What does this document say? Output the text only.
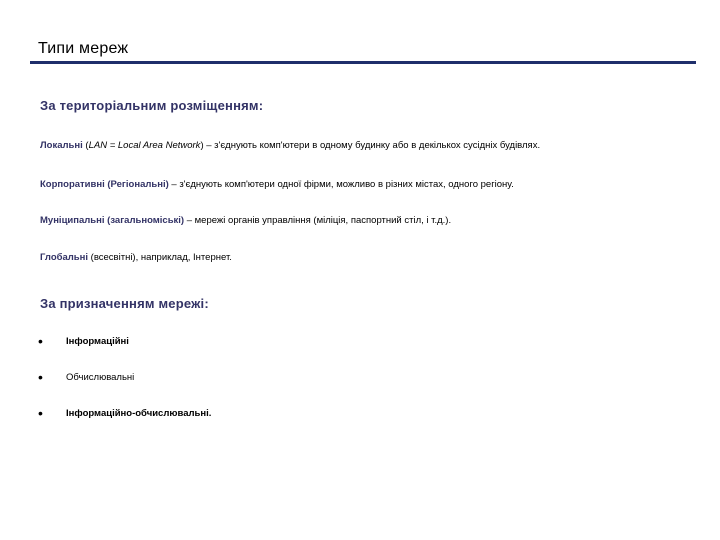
Типи мереж
За територіальним розміщенням:
Локальні (LAN = Local Area Network) – з'єднують комп'ютери в одному будинку або в декількох сусідніх будівлях.
Корпоративні (Регіональні) – з'єднують комп'ютери одної фірми, можливо в різних містах, одного регіону.
Муніципальні (загальноміські) – мережі органів управління (міліція, паспортний стіл, і т.д.).
Глобальні (всесвітні), наприклад, Інтернет.
За призначенням мережі:
• Інформаційні
• Обчислювальні
• Інформаційно-обчислювальні.
